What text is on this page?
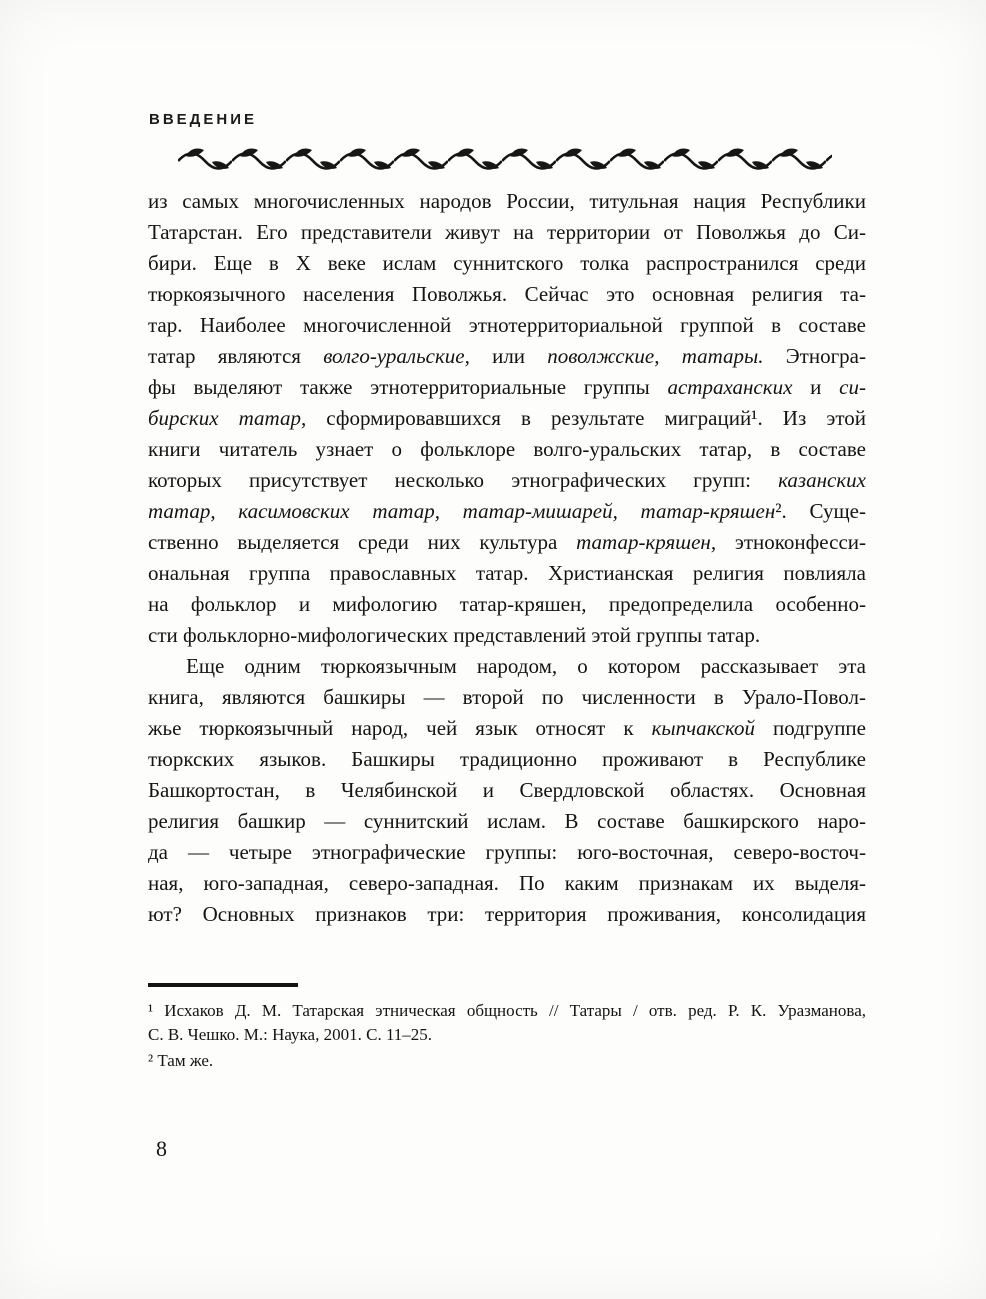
ВВЕДЕНИЕ
из самых многочисленных народов России, титульная нация Республики
Татарстан. Его представители живут на территории от Поволжья до Си-
бири. Еще в X веке ислам суннитского толка распространился среди
тюркоязычного населения Поволжья. Сейчас это основная религия та-
тар. Наиболее многочисленной этнотерриториальной группой в составе
татар являются волго-уральские, или поволжские, татары. Этногра-
фы выделяют также этнотерриториальные группы астраханских и си-
бирских татар, сформировавшихся в результате миграций¹. Из этой
книги читатель узнает о фольклоре волго-уральских татар, в составе
которых присутствует несколько этнографических групп: казанских
татар, касимовских татар, татар-мишарей, татар-кряшен². Суще-
ственно выделяется среди них культура татар-кряшен, этноконфесси-
ональная группа православных татар. Христианская религия повлияла
на фольклор и мифологию татар-кряшен, предопределила особенно-
сти фольклорно-мифологических представлений этой группы татар.
Еще одним тюркоязычным народом, о котором рассказывает эта
книга, являются башкиры — второй по численности в Урало-Повол-
жье тюркоязычный народ, чей язык относят к кыпчакской подгруппе
тюркских языков. Башкиры традиционно проживают в Республике
Башкортостан, в Челябинской и Свердловской областях. Основная
религия башкир — суннитский ислам. В составе башкирского наро-
да — четыре этнографические группы: юго-восточная, северо-восточ-
ная, юго-западная, северо-западная. По каким признакам их выделя-
ют? Основных признаков три: территория проживания, консолидация
¹ Исхаков Д. М. Татарская этническая общность // Татары / отв. ред. Р. К. Уразманова,
С. В. Чешко. М.: Наука, 2001. С. 11–25.
² Там же.
8
